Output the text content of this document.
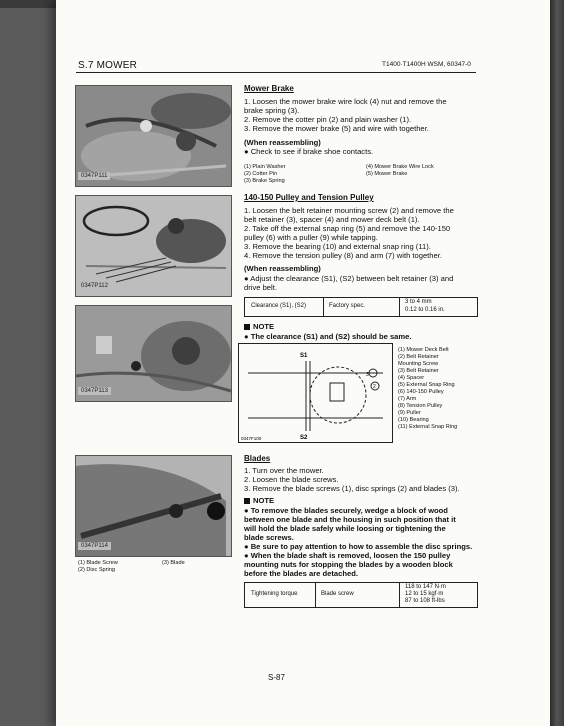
S.7 MOWER	T1400·T1400H WSM, 60347-0
0347P111
0347P112
0347P113
0347P114
Mower Brake
1. Loosen the mower brake wire lock (4) nut and remove the
brake spring (3).
2. Remove the cotter pin (2) and plain washer (1).
3. Remove the mower brake (5) and wire with together.
(When reassembling)
● Check to see if brake shoe contacts.
(1) Plain Washer
(2) Cotter Pin
(3) Brake Spring
(4) Mower Brake Wire Lock
(5) Mower Brake
140-150 Pulley and Tension Pulley
1. Loosen the belt retainer mounting screw (2) and remove the
belt retainer (3), spacer (4) and mower deck belt (1).
2. Take off the external snap ring (5) and remove the 140-150
pulley (6) with a puller (9) while tapping.
3. Remove the bearing (10) and external snap ring (11).
4. Remove the tension pulley (8) and arm (7) with together.
(When reassembling)
● Adjust the clearance (S1), (S2) between belt retainer (3) and
drive belt.
Clearance (S1), (S2)	Factory spec.
3 to 4 mm
0.12 to 0.16 in.
NOTE
● The clearance (S1) and (S2) should be same.
3
2
S1
S2
0347F100
(1) Mower Deck Belt
(2) Belt Retainer
Mounting Screw
(3) Belt Retainer
(4) Spacer
(5) External Snap Ring
(6) 140-150 Pulley
(7) Arm
(8) Tension Pulley
(9) Puller
(10) Bearing
(11) External Snap Ring
Blades
1. Turn over the mower.
2. Loosen the blade screws.
3. Remove the blade screws (1), disc springs (2) and blades (3).
NOTE
● To remove the blades securely, wedge a block of wood
between one blade and the housing in such position that it
will hold the blade safely while loosing or tightening the
blade screws.
● Be sure to pay attention to how to assemble the disc springs.
● When the blade shaft is removed, loosen the 150 pulley
mounting nuts for stopping the blades by a wooden block
before the blades are detached.
(1) Blade Screw
(2) Disc Spring
(3) Blade
Tightening torque	Blade screw
118 to 147 N·m
12 to 15 kgf·m
87 to 108 ft-lbs
S-87
